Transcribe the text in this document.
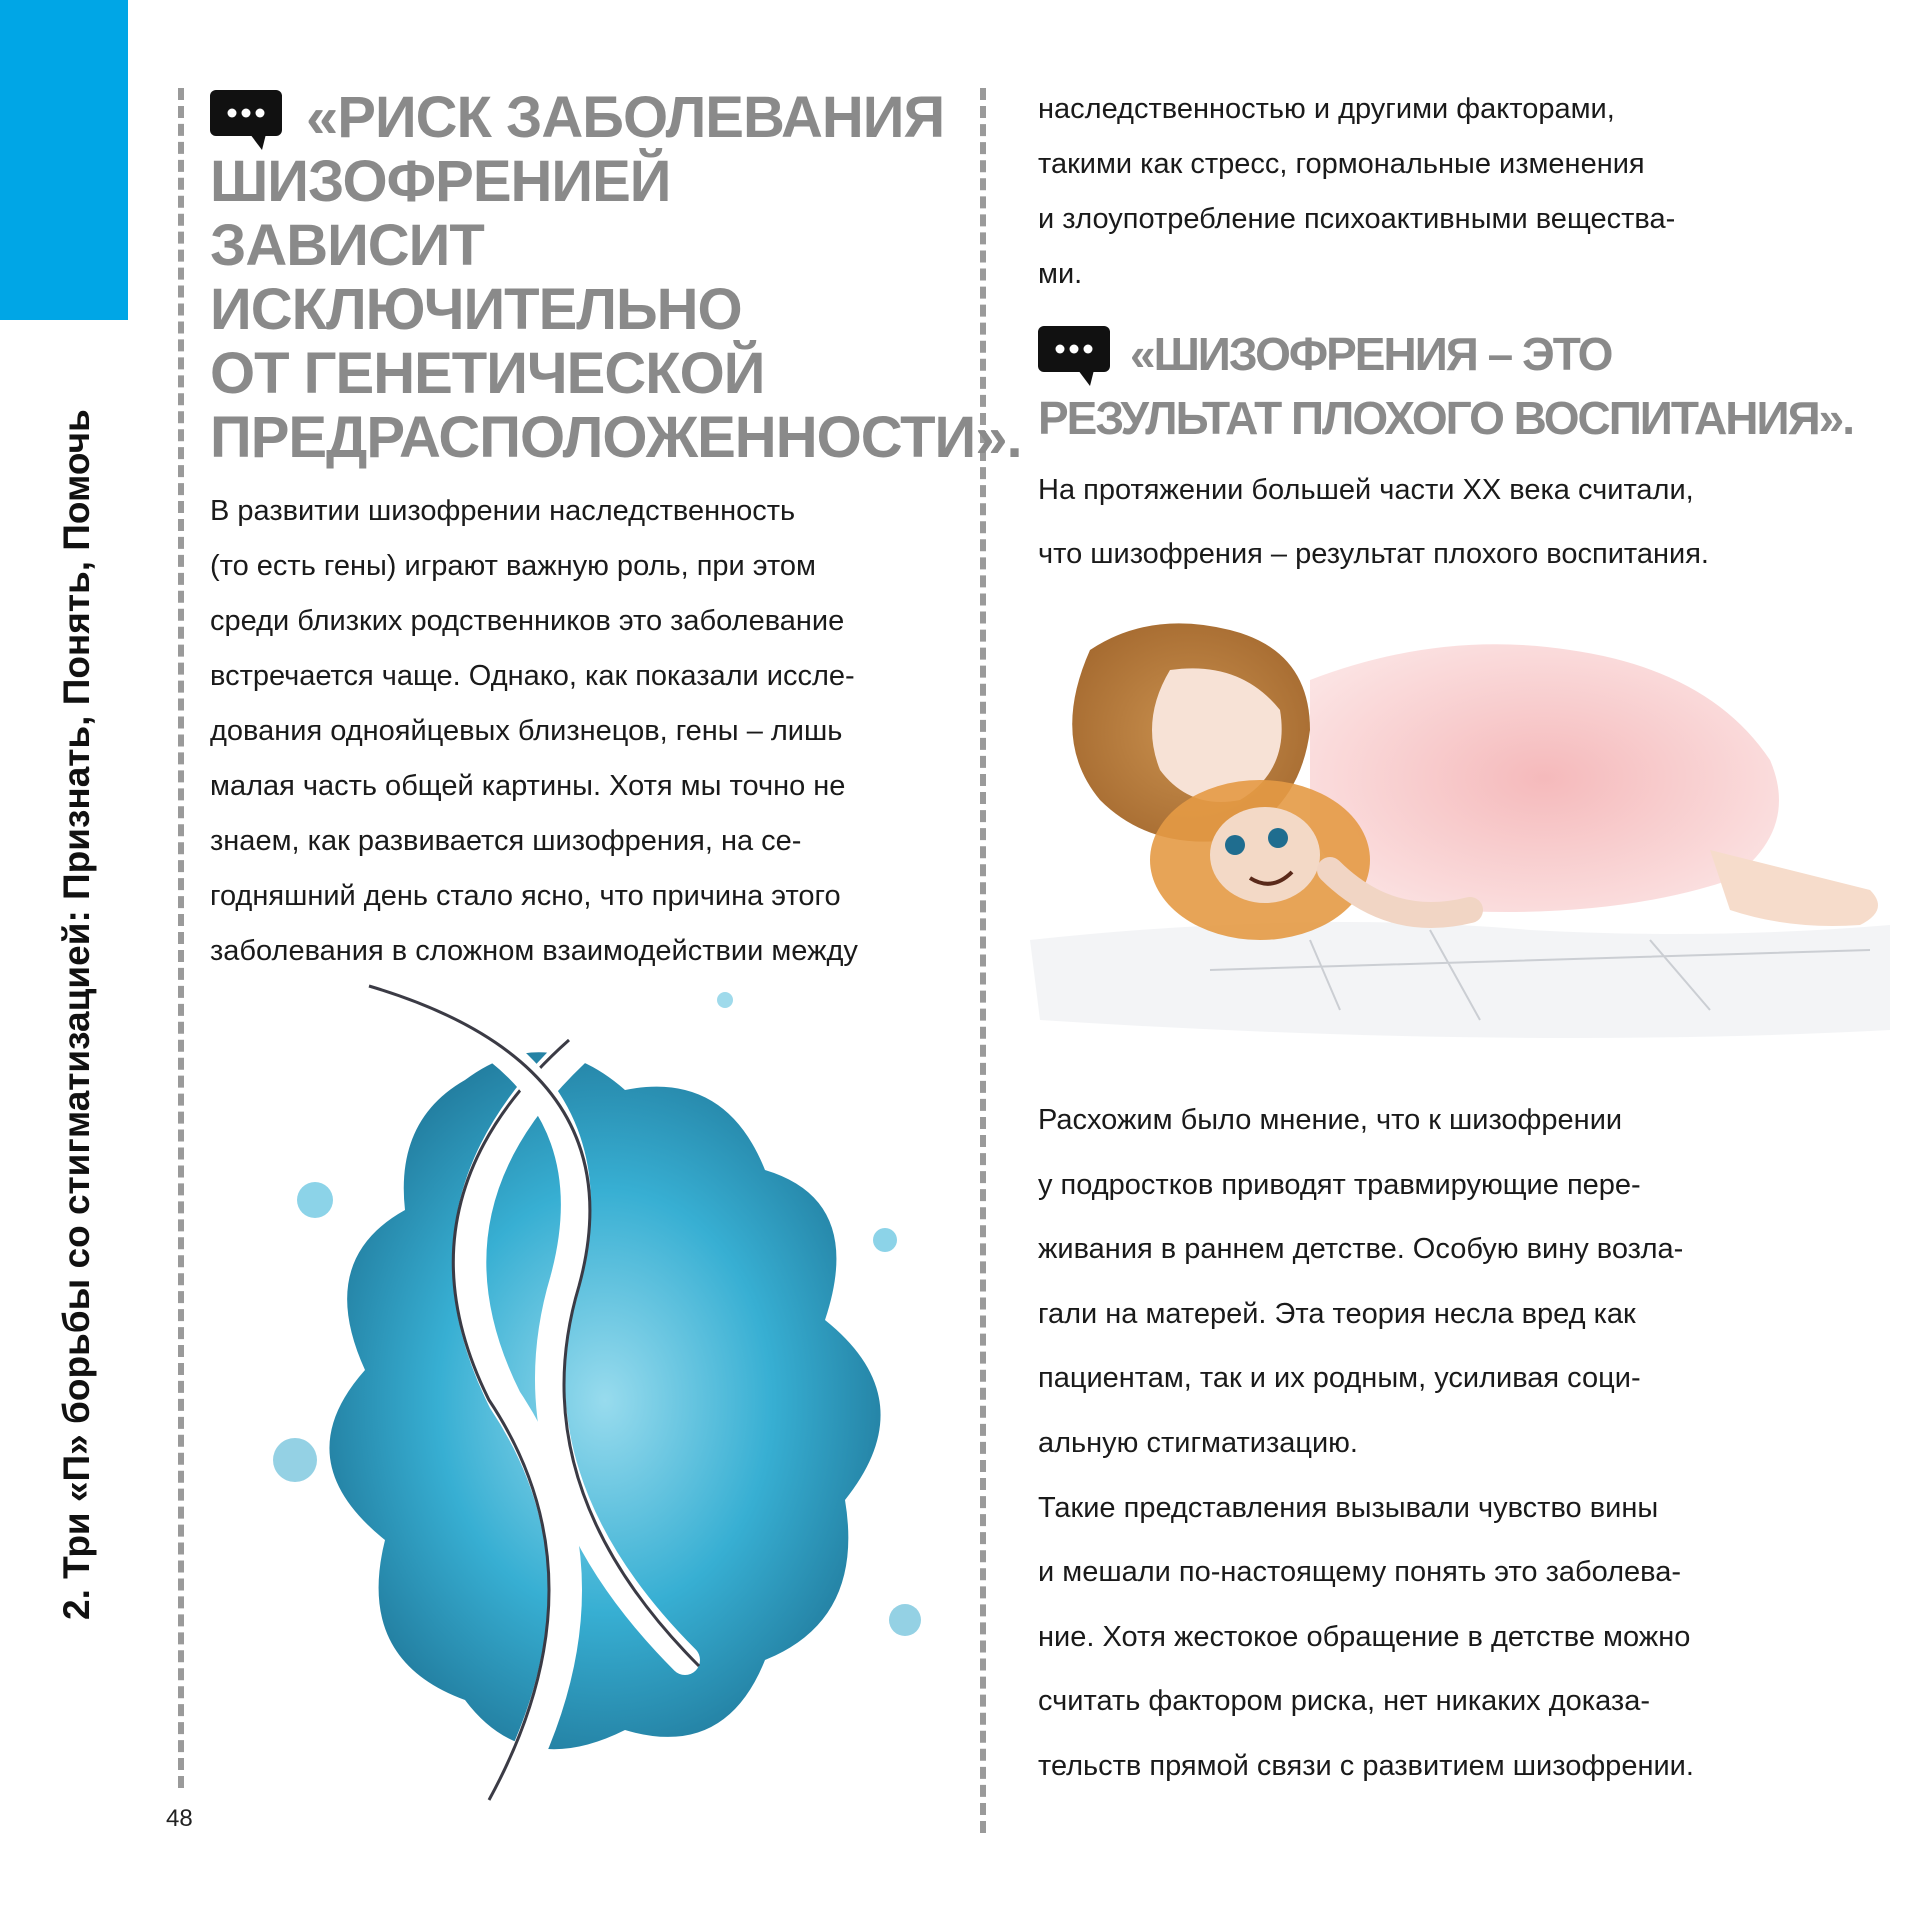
2. Три «П» борьбы со стигматизацией: Признать, Понять, Помочь
«РИСК ЗАБОЛЕВАНИЯ
ШИЗОФРЕНИЕЙ ЗАВИСИТ
ИСКЛЮЧИТЕЛЬНО
ОТ ГЕНЕТИЧЕСКОЙ
ПРЕДРАСПОЛОЖЕННОСТИ».

В развитии шизофрении наследственность
(то есть гены) играют важную роль, при этом
среди близких родственников это заболевание
встречается чаще. Однако, как показали иссле-
дования однояйцевых близнецов, гены – лишь
малая часть общей картины. Хотя мы точно не
знаем, как развивается шизофрения, на се-
годняшний день стало ясно, что причина этого
заболевания в сложном взаимодействии между

наследственностью и другими факторами,
такими как стресс, гормональные изменения
и злоупотребление психоактивными вещества-
ми.

«ШИЗОФРЕНИЯ – ЭТО
РЕЗУЛЬТАТ ПЛОХОГО ВОСПИТАНИЯ».

На протяжении большей части XX века считали,
что шизофрения – результат плохого воспитания.

Расхожим было мнение, что к шизофрении
у подростков приводят травмирующие пере-
живания в раннем детстве. Особую вину возла-
гали на матерей. Эта теория несла вред как
пациентам, так и их родным, усиливая соци-
альную стигматизацию.
Такие представления вызывали чувство вины
и мешали по-настоящему понять это заболева-
ние. Хотя жестокое обращение в детстве можно
считать фактором риска, нет никаких доказа-
тельств прямой связи с развитием шизофрении.

48
